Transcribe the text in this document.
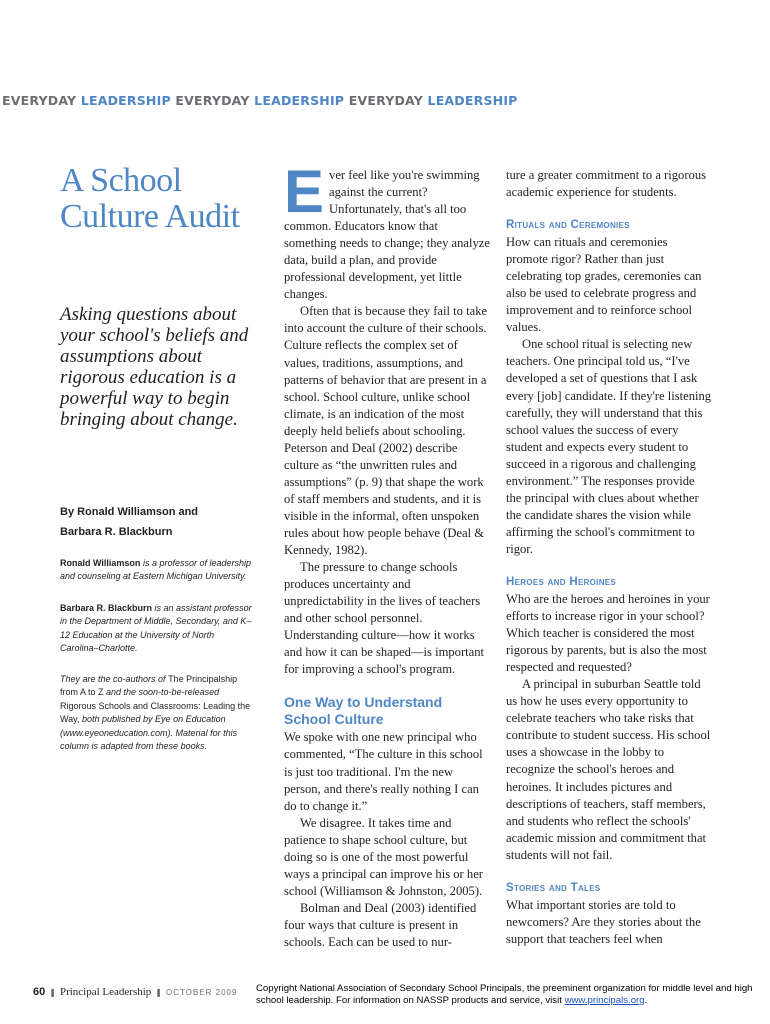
EVERYDAY LEADERSHIP EVERYDAY LEADERSHIP EVERYDAY LEADERSHIP
A School Culture Audit
Asking questions about your school's beliefs and assumptions about rigorous education is a powerful way to begin bringing about change.
By Ronald Williamson and
Barbara R. Blackburn
Ronald Williamson is a professor of leadership and counseling at Eastern Michigan University.
Barbara R. Blackburn is an assistant professor in the Department of Middle, Secondary, and K–12 Education at the University of North Carolina–Charlotte.
They are the co-authors of The Principalship from A to Z and the soon-to-be-released Rigorous Schools and Classrooms: Leading the Way, both published by Eye on Education (www.eyeoneducation.com). Material for this column is adapted from these books.

Ever feel like you're swimming against the current? Unfortunately, that's all too common. Educators know that something needs to change; they analyze data, build a plan, and provide professional development, yet little changes.

Often that is because they fail to take into account the culture of their schools. Culture reflects the complex set of values, traditions, assumptions, and patterns of behavior that are present in a school. School culture, unlike school climate, is an indication of the most deeply held beliefs about schooling. Peterson and Deal (2002) describe culture as “the unwritten rules and assumptions” (p. 9) that shape the work of staff members and students, and it is visible in the informal, often unspoken rules about how people behave (Deal & Kennedy, 1982).

The pressure to change schools produces uncertainty and unpredictability in the lives of teachers and other school personnel. Understanding culture—how it works and how it can be shaped—is important for improving a school's program.

One Way to Understand School Culture

We spoke with one new principal who commented, “The culture in this school is just too traditional. I'm the new person, and there's really nothing I can do to change it.”

We disagree. It takes time and patience to shape school culture, but doing so is one of the most powerful ways a principal can improve his or her school (Williamson & Johnston, 2005).

Bolman and Deal (2003) identified four ways that culture is present in schools. Each can be used to nur-

ture a greater commitment to a rigorous academic experience for students.

Rituals and Ceremonies

How can rituals and ceremonies promote rigor? Rather than just celebrating top grades, ceremonies can also be used to celebrate progress and improvement and to reinforce school values.

One school ritual is selecting new teachers. One principal told us, “I've developed a set of questions that I ask every [job] candidate. If they're listening carefully, they will understand that this school values the success of every student and expects every student to succeed in a rigorous and challenging environment.” The responses provide the principal with clues about whether the candidate shares the vision while affirming the school's commitment to rigor.

Heroes and Heroines

Who are the heroes and heroines in your efforts to increase rigor in your school? Which teacher is considered the most rigorous by parents, but is also the most respected and requested?

A principal in suburban Seattle told us how he uses every opportunity to celebrate teachers who take risks that contribute to student success. His school uses a showcase in the lobby to recognize the school's heroes and heroines. It includes pictures and descriptions of teachers, staff members, and students who reflect the schools' academic mission and commitment that students will not fail.

Stories and Tales

What important stories are told to newcomers? Are they stories about the support that teachers feel when

60 ❚ Principal Leadership ❚ OCTOBER 2009 Copyright National Association of Secondary School Principals, the preeminent organization for middle level and high school leadership. For information on NASSP products and service, visit www.principals.org.
